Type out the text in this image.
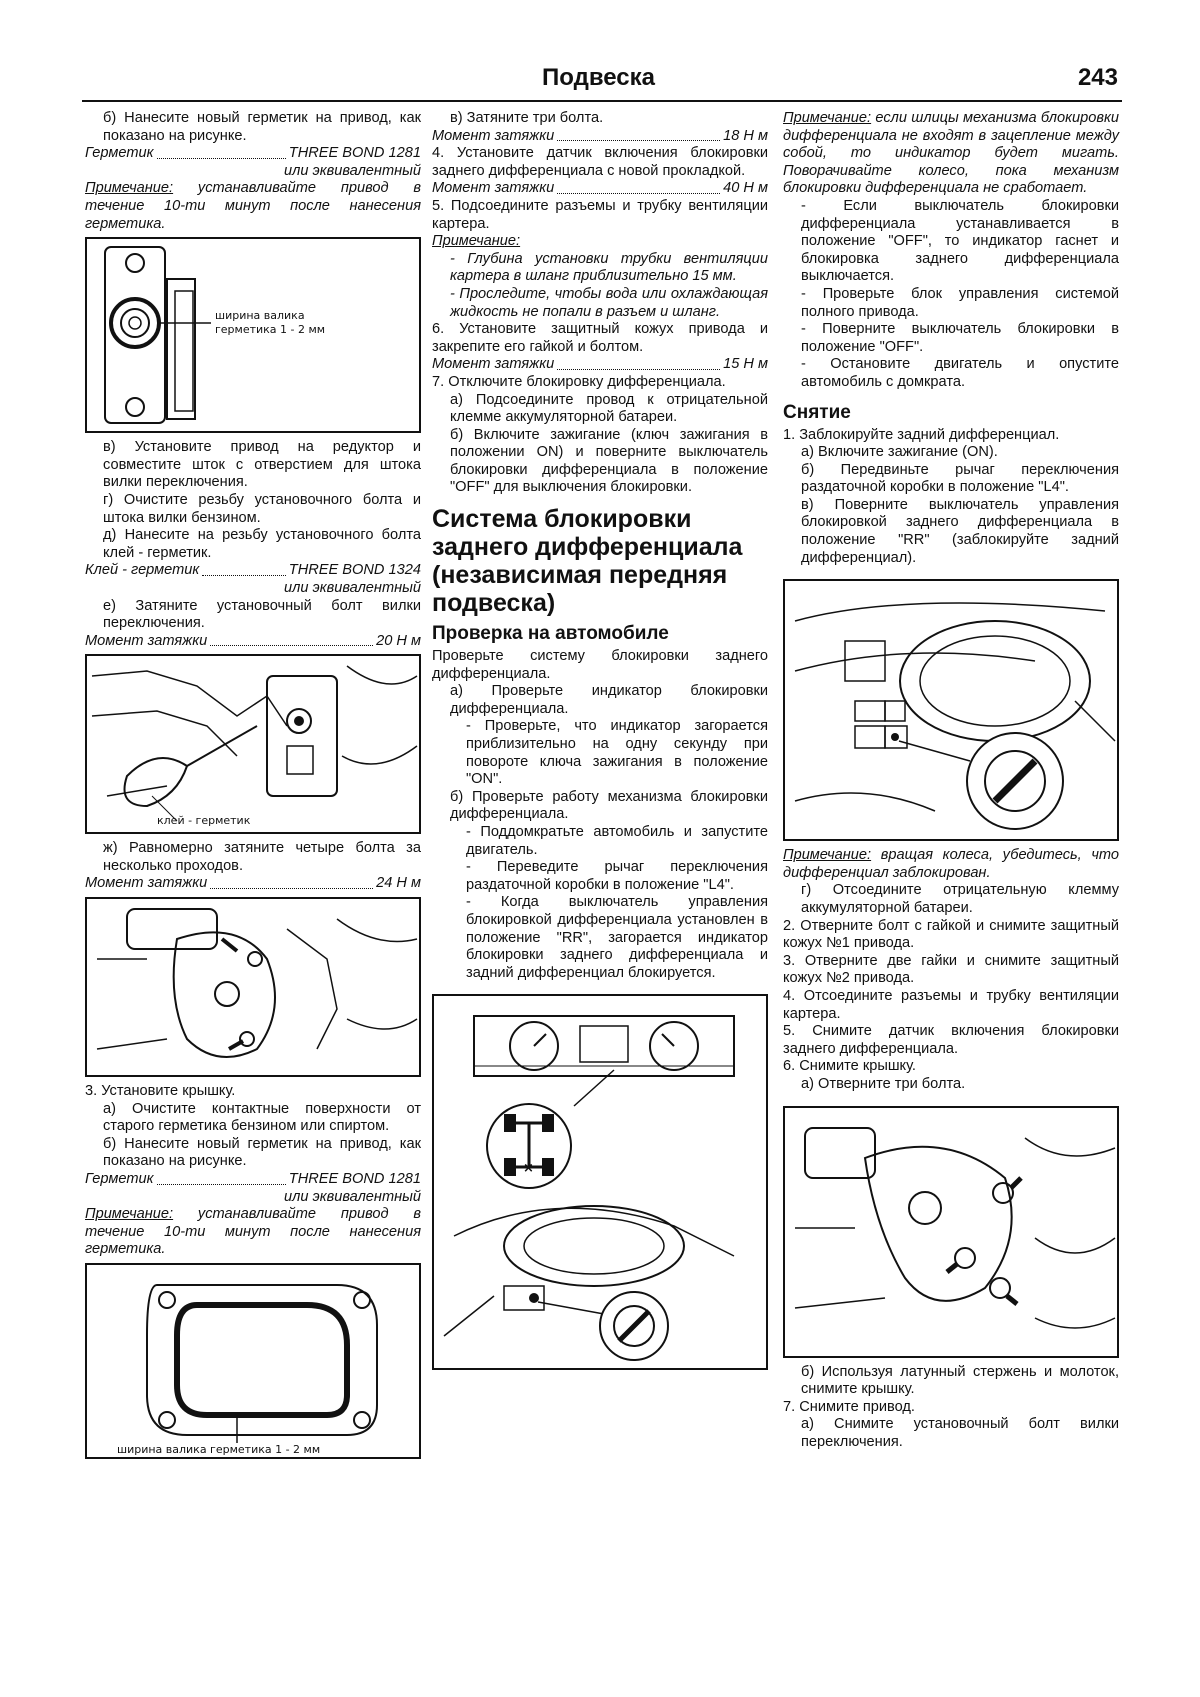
Подвеска	243

б) Нанесите новый герметик на привод, как показано на рисунке.

Герметик	THREE BOND 1281

или эквивалентный

Примечание: устанавливайте привод в течение 10-ти минут после нанесения герметика.

ширина валика
герметика 1 - 2 мм

в) Установите привод на редуктор и совместите шток с отверстием для штока вилки переключения.

г) Очистите резьбу установочного болта и штока вилки бензином.

д) Нанесите на резьбу установочного болта клей - герметик.

Клей - герметик	THREE BOND 1324

или эквивалентный

е) Затяните установочный болт вилки переключения.

Момент затяжки	20 Н м
клей - герметик

ж) Равномерно затяните четыре болта за несколько проходов.

Момент затяжки	24 Н м

3. Установите крышку.

а) Очистите контактные поверхности от старого герметика бензином или спиртом.

б) Нанесите новый герметик на привод, как показано на рисунке.

Герметик	THREE BOND 1281

или эквивалентный

Примечание: устанавливайте привод в течение 10-ти минут после нанесения герметика.

ширина валика герметика 1 - 2 мм

в) Затяните три болта.

Момент затяжки	18 Н м

4. Установите датчик включения блокировки заднего дифференциала с новой прокладкой.

Момент затяжки	40 Н м

5. Подсоедините разъемы и трубку вентиляции картера.

Примечание:

- Глубина установки трубки вентиляции картера в шланг приблизительно 15 мм.

- Проследите, чтобы вода или охлаждающая жидкость не попали в разъем и шланг.

6. Установите защитный кожух привода и закрепите его гайкой и болтом.

Момент затяжки	15 Н м

7. Отключите блокировку дифференциала.

а) Подсоедините провод к отрицательной клемме аккумуляторной батареи.

б) Включите зажигание (ключ зажигания в положении ON) и поверните выключатель блокировки дифференциала в положение "OFF" для выключения блокировки.

Система блокировки заднего дифференциала (независимая передняя подвеска)
Проверка на автомобиле

Проверьте систему блокировки заднего дифференциала.

а) Проверьте индикатор блокировки дифференциала.

- Проверьте, что индикатор загорается приблизительно на одну секунду при повороте ключа зажигания в положение "ON".

б) Проверьте работу механизма блокировки дифференциала.

- Поддомкратьте автомобиль и запустите двигатель.

- Переведите рычаг переключения раздаточной коробки в положение "L4".

- Когда выключатель управления блокировкой дифференциала установлен в положение "RR", загорается индикатор блокировки заднего дифференциала и задний дифференциал блокируется.

×

Примечание: если шлицы механизма блокировки дифференциала не входят в зацепление между собой, то индикатор будет мигать. Поворачивайте колесо, пока механизм блокировки дифференциала не сработает.

- Если выключатель блокировки дифференциала устанавливается в положение "OFF", то индикатор гаснет и блокировка заднего дифференциала выключается.

- Проверьте блок управления системой полного привода.

- Поверните выключатель блокировки в положение "OFF".

- Остановите двигатель и опустите автомобиль с домкрата.

Снятие

1. Заблокируйте задний дифференциал.

а) Включите зажигание (ON).

б) Передвиньте рычаг переключения раздаточной коробки в положение "L4".

в) Поверните выключатель управления блокировкой заднего дифференциала в положение "RR" (заблокируйте задний дифференциал).

Примечание: вращая колеса, убедитесь, что дифференциал заблокирован.

г) Отсоедините отрицательную клемму аккумуляторной батареи.

2. Отверните болт с гайкой и снимите защитный кожух №1 привода.

3. Отверните две гайки и снимите защитный кожух №2 привода.

4. Отсоедините разъемы и трубку вентиляции картера.

5. Снимите датчик включения блокировки заднего дифференциала.

6. Снимите крышку.

а) Отверните три болта.

б) Используя латунный стержень и молоток, снимите крышку.

7. Снимите привод.

а) Снимите установочный болт вилки переключения.
